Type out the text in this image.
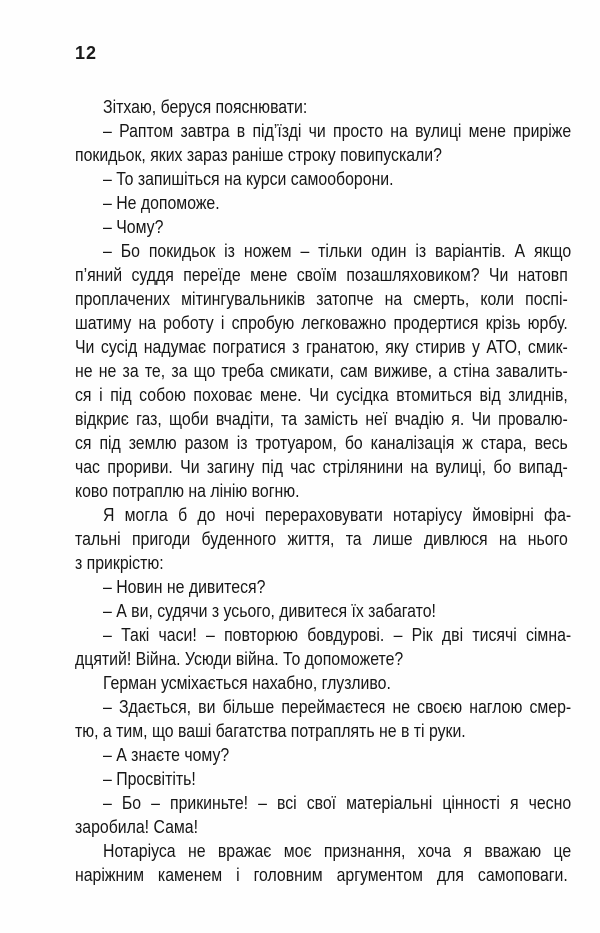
12
Зітхаю, беруся пояснювати:
– Раптом завтра в під’їзді чи просто на вулиці мене приріже
покидьок, яких зараз раніше строку повипускали?
– То запишіться на курси самооборони.
– Не допоможе.
– Чому?
– Бо покидьок із ножем – тільки один із варіантів. А якщо
п’яний суддя переїде мене своїм позашляховиком? Чи натовп
проплачених мітингувальників затопче на смерть, коли поспі-
шатиму на роботу і спробую легковажно продертися крізь юрбу.
Чи сусід надумає погратися з гранатою, яку стирив у АТО, смик-
не не за те, за що треба смикати, сам виживе, а стіна завалить-
ся і під собою поховає мене. Чи сусідка втомиться від злиднів,
відкриє газ, щоби вчадіти, та замість неї вчадію я. Чи провалю-
ся під землю разом із тротуаром, бо каналізація ж стара, весь
час прориви. Чи загину під час стрілянини на вулиці, бо випад-
ково потраплю на лінію вогню.
Я могла б до ночі перераховувати нотаріусу ймовірні фа-
тальні пригоди буденного життя, та лише дивлюся на нього
з прикрістю:
– Новин не дивитеся?
– А ви, судячи з усього, дивитеся їх забагато!
– Такі часи! – повторюю бовдурові. – Рік дві тисячі сімна-
дцятий! Війна. Усюди війна. То допоможете?
Герман усміхається нахабно, глузливо.
– Здається, ви більше переймаєтеся не своєю наглою смер-
тю, а тим, що ваші багатства потраплять не в ті руки.
– А знаєте чому?
– Просвітіть!
– Бо – прикиньте! – всі свої матеріальні цінності я чесно
заробила! Сама!
Нотаріуса не вражає моє признання, хоча я вважаю це
наріжним каменем і головним аргументом для самоповаги.
